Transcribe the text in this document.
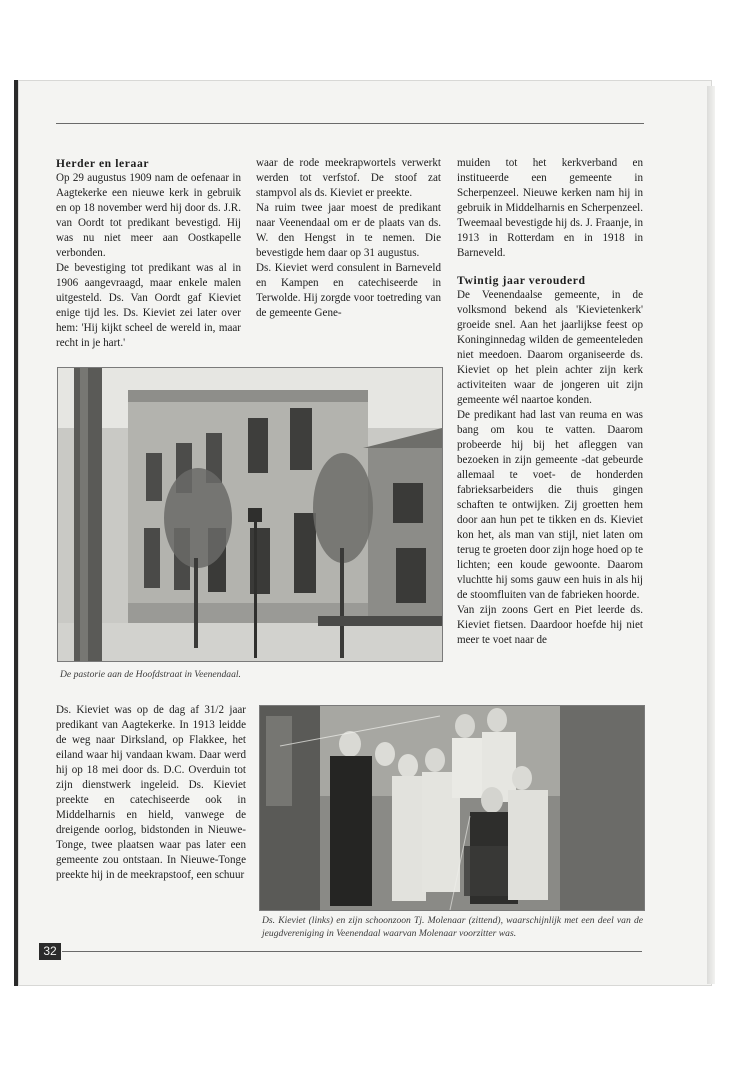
Herder en leraar

Op 29 augustus 1909 nam de oefenaar in Aagtekerke een nieuwe kerk in gebruik en op 18 november werd hij door ds. J.R. van Oordt tot predikant bevestigd. Hij was nu niet meer aan Oostkapelle verbonden.

De bevestiging tot predikant was al in 1906 aangevraagd, maar enkele malen uitgesteld. Ds. Van Oordt gaf Kieviet enige tijd les. Ds. Kieviet zei later over hem: 'Hij kijkt scheel de wereld in, maar recht in je hart.'

waar de rode meekrapwortels verwerkt werden tot verfstof. De stoof zat stampvol als ds. Kieviet er preekte.

Na ruim twee jaar moest de predikant naar Veenendaal om er de plaats van ds. W. den Hengst in te nemen. Die bevestigde hem daar op 31 augustus.

Ds. Kieviet werd consulent in Barneveld en Kampen en catechiseerde in Terwolde. Hij zorgde voor toetreding van de gemeente Gene-

muiden tot het kerkverband en institueerde een gemeente in Scherpenzeel. Nieuwe kerken nam hij in gebruik in Middelharnis en Scherpenzeel. Tweemaal bevestigde hij ds. J. Fraanje, in 1913 in Rotterdam en in 1918 in Barneveld.

Twintig jaar verouderd

De Veenendaalse gemeente, in de volksmond bekend als 'Kievietenkerk' groeide snel. Aan het jaarlijkse feest op Koninginnedag wilden de gemeenteleden niet meedoen. Daarom organiseerde ds. Kieviet op het plein achter zijn kerk activiteiten waar de jongeren uit zijn gemeente wél naartoe konden.

De predikant had last van reuma en was bang om kou te vatten. Daarom probeerde hij bij het afleggen van bezoeken in zijn gemeente -dat gebeurde allemaal te voet- de honderden fabrieksarbeiders die thuis gingen schaften te ontwijken. Zij groetten hem door aan hun pet te tikken en ds. Kieviet kon het, als man van stijl, niet laten om terug te groeten door zijn hoge hoed op te lichten; een koude gewoonte. Daarom vluchtte hij soms gauw een huis in als hij de stoomfluiten van de fabrieken hoorde.

Van zijn zoons Gert en Piet leerde ds. Kieviet fietsen. Daardoor hoefde hij niet meer te voet naar de

De pastorie aan de Hoofdstraat in Veenendaal.

Ds. Kieviet was op de dag af 31/2 jaar predikant van Aagtekerke. In 1913 leidde de weg naar Dirksland, op Flakkee, het eiland waar hij vandaan kwam. Daar werd hij op 18 mei door ds. D.C. Overduin tot zijn dienstwerk ingeleid. Ds. Kieviet preekte en catechiseerde ook in Middelharnis en hield, vanwege de dreigende oorlog, bidstonden in Nieuwe-Tonge, twee plaatsen waar pas later een gemeente zou ontstaan. In Nieuwe-Tonge preekte hij in de meekrapstoof, een schuur

Ds. Kieviet (links) en zijn schoonzoon Tj. Molenaar (zittend), waarschijnlijk met een deel van de jeugdvereniging in Veenendaal waarvan Molenaar voorzitter was.
32
